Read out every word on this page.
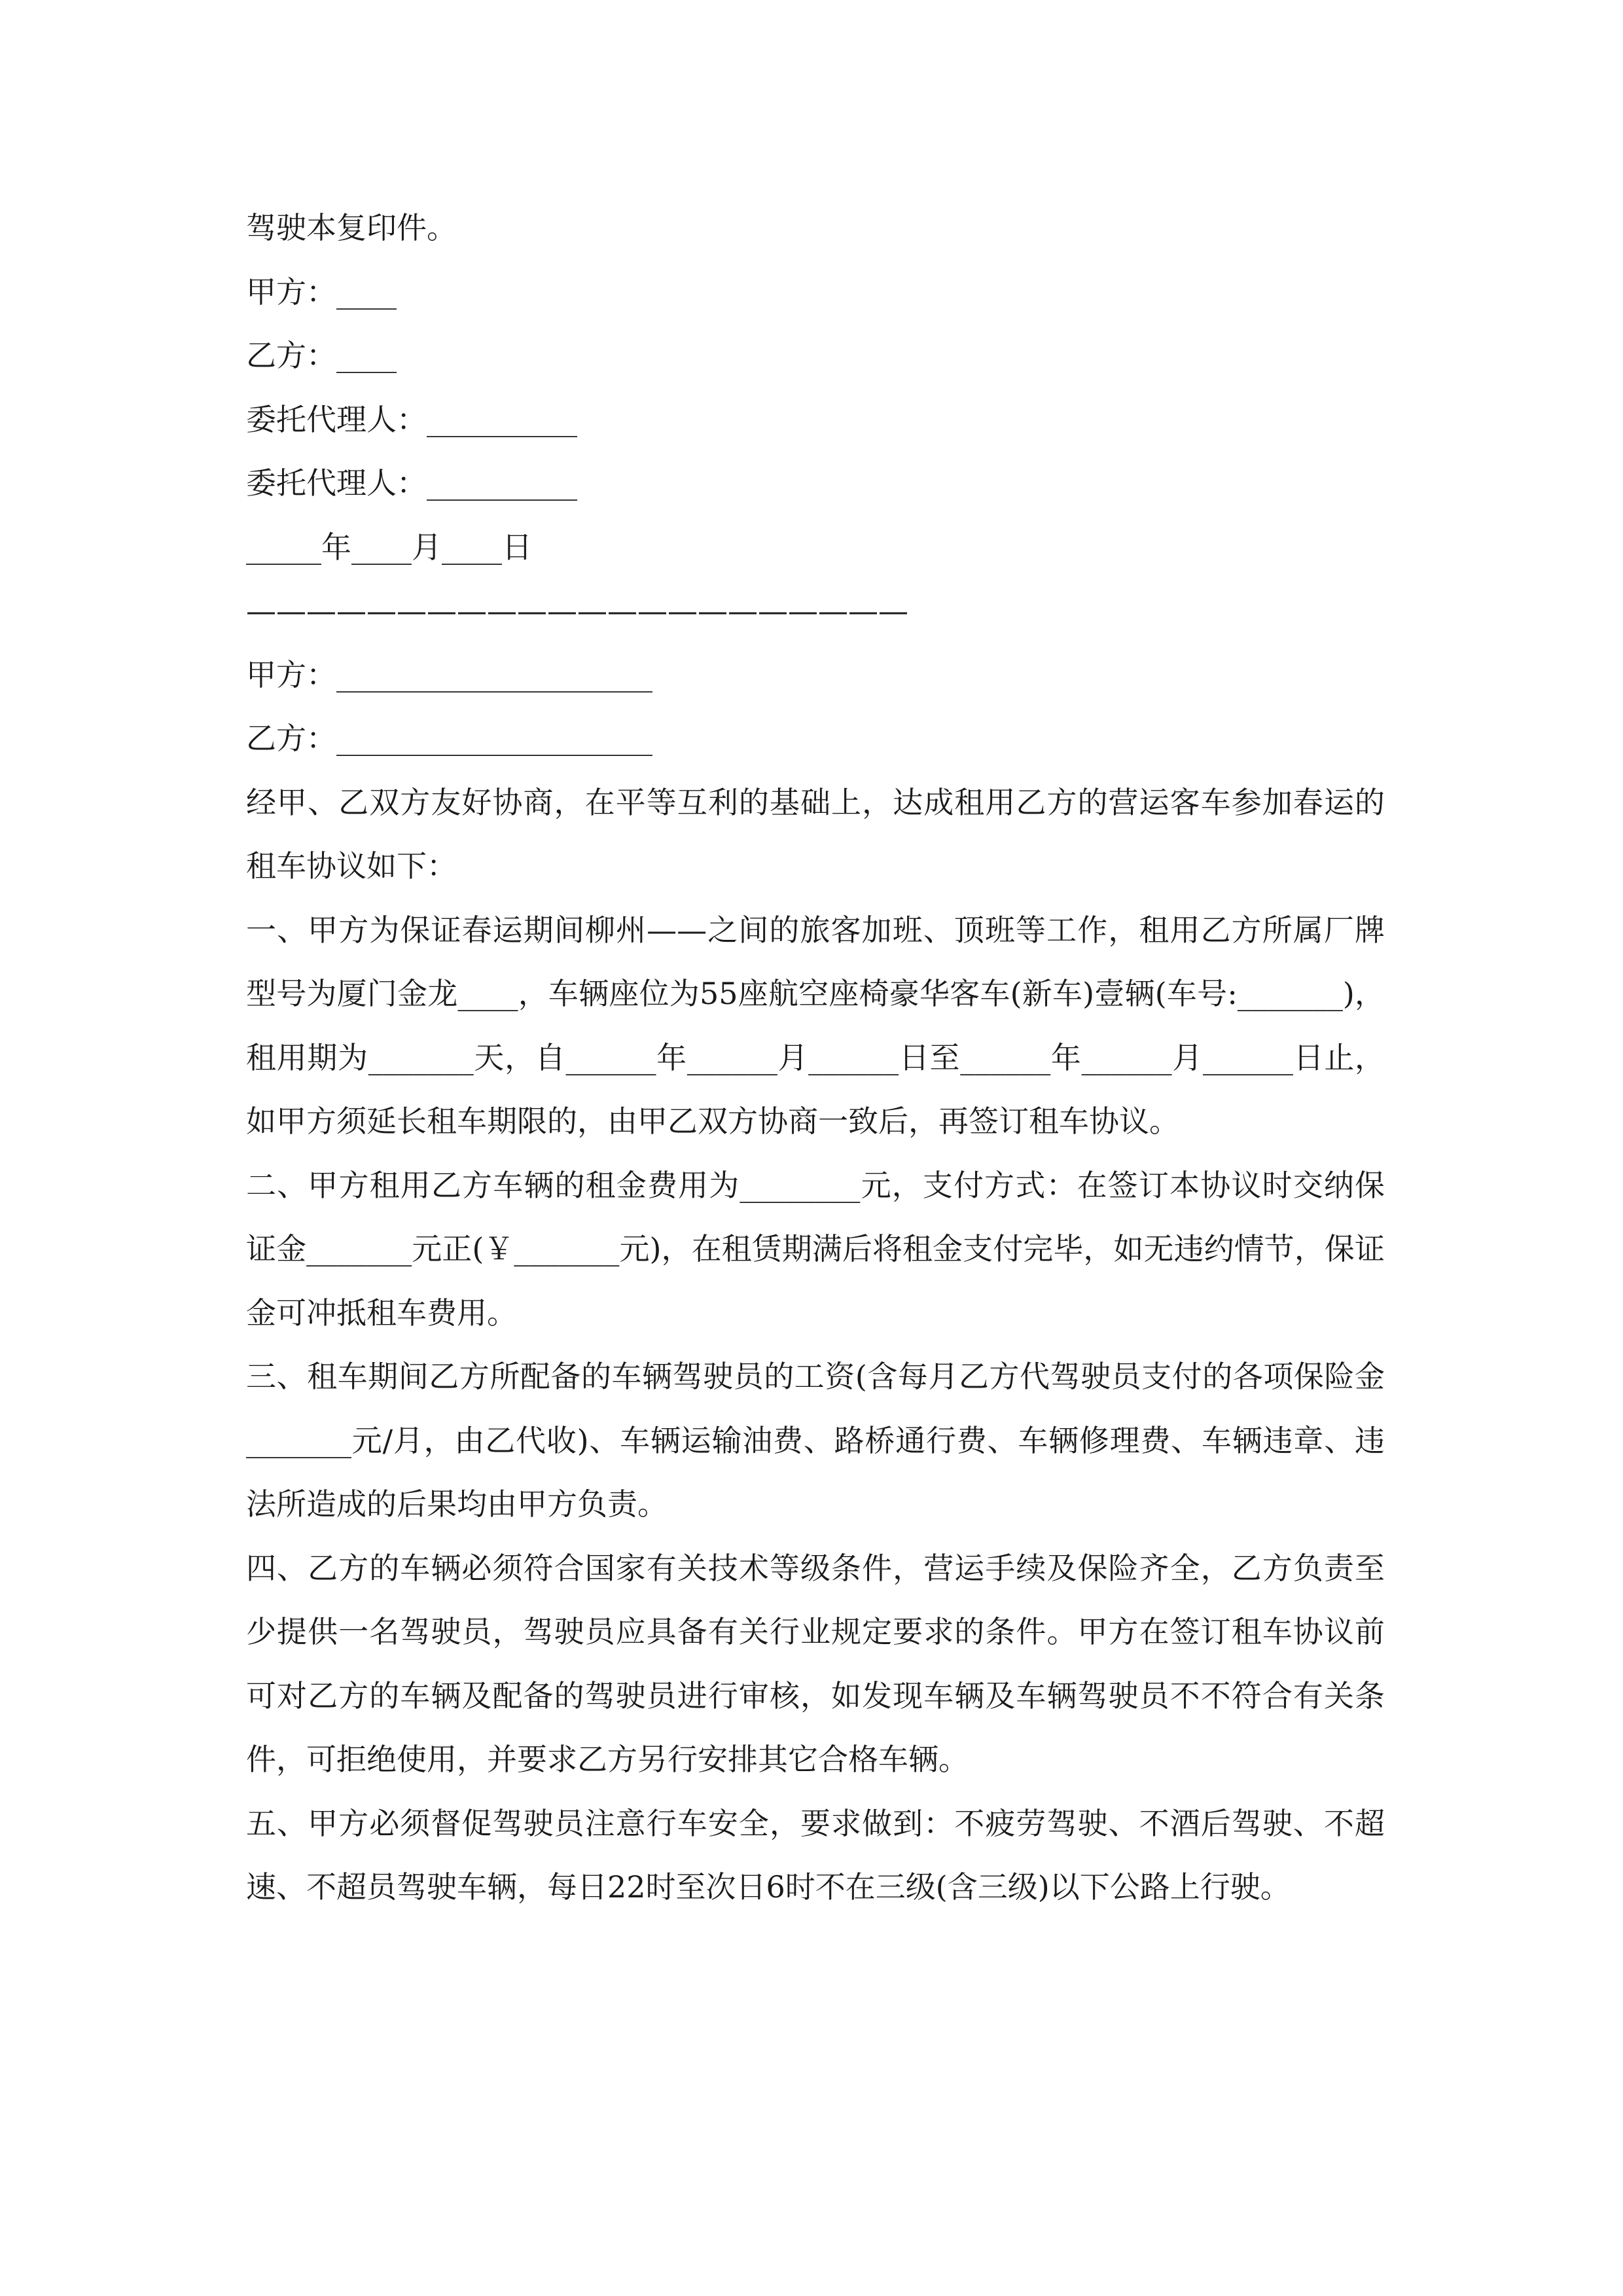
驾驶本复印件。
甲方：____
乙方：____
委托代理人：__________
委托代理人：__________
_____年____月____日
——————————————————————
甲方：_____________________
乙方：_____________________
经甲、乙双方友好协商，在平等互利的基础上，达成租用乙方的营运客车参加春运的租车协议如下：
一、甲方为保证春运期间柳州——之间的旅客加班、顶班等工作，租用乙方所属厂牌型号为厦门金龙____，车辆座位为55座航空座椅豪华客车(新车)壹辆(车号:_______)，租用期为_______天，自______年______月______日至______年______月______日止，如甲方须延长租车期限的，由甲乙双方协商一致后，再签订租车协议。
二、甲方租用乙方车辆的租金费用为________元，支付方式：在签订本协议时交纳保证金_______元正(￥_______元)，在租赁期满后将租金支付完毕，如无违约情节，保证金可冲抵租车费用。
三、租车期间乙方所配备的车辆驾驶员的工资(含每月乙方代驾驶员支付的各项保险金_______元/月，由乙代收)、车辆运输油费、路桥通行费、车辆修理费、车辆违章、违法所造成的后果均由甲方负责。
四、乙方的车辆必须符合国家有关技术等级条件，营运手续及保险齐全，乙方负责至少提供一名驾驶员，驾驶员应具备有关行业规定要求的条件。甲方在签订租车协议前可对乙方的车辆及配备的驾驶员进行审核，如发现车辆及车辆驾驶员不不符合有关条件，可拒绝使用，并要求乙方另行安排其它合格车辆。
五、甲方必须督促驾驶员注意行车安全，要求做到：不疲劳驾驶、不酒后驾驶、不超速、不超员驾驶车辆，每日22时至次日6时不在三级(含三级)以下公路上行驶。
